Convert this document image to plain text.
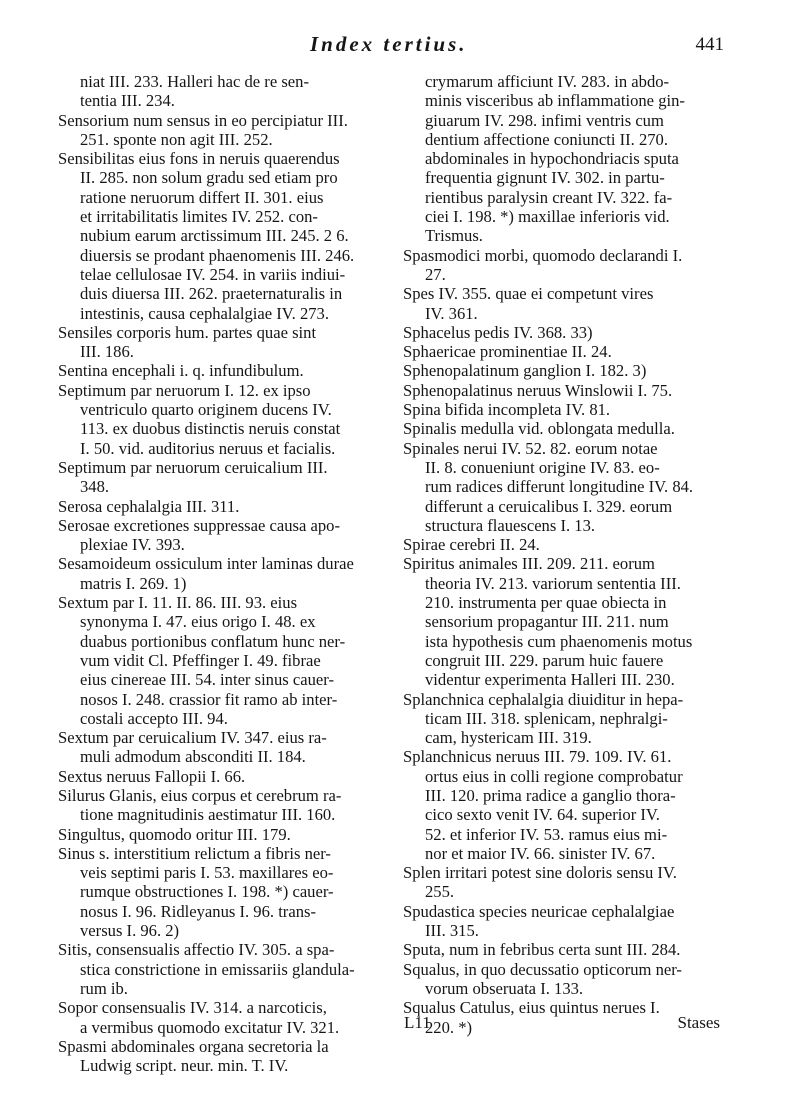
Index tertius.	441
niat III. 233. Halleri hac de re sen-
tentia III. 234.
Sensorium num sensus in eo percipiatur III.
251. sponte non agit III. 252.
Sensibilitas eius fons in neruis quaerendus
II. 285. non solum gradu sed etiam pro
ratione neruorum differt II. 301. eius
et irritabilitatis limites IV. 252. con-
nubium earum arctissimum III. 245. 2 6.
diuersis se prodant phaenomenis III. 246.
telae cellulosae IV. 254. in variis indiui-
duis diuersa III. 262. praeternaturalis in
intestinis, causa cephalalgiae IV. 273.
Sensiles corporis hum. partes quae sint
III. 186.
Sentina encephali i. q. infundibulum.
Septimum par neruorum I. 12. ex ipso
ventriculo quarto originem ducens IV.
113. ex duobus distinctis neruis constat
I. 50. vid. auditorius neruus et facialis.
Septimum par neruorum ceruicalium III.
348.
Serosa cephalalgia III. 311.
Serosae excretiones suppressae causa apo-
plexiae IV. 393.
Sesamoideum ossiculum inter laminas durae
matris I. 269. 1)
Sextum par I. 11. II. 86. III. 93. eius
synonyma I. 47. eius origo I. 48. ex
duabus portionibus conflatum hunc ner-
vum vidit Cl. Pfeffinger I. 49. fibrae
eius cinereae III. 54. inter sinus cauer-
nosos I. 248. crassior fit ramo ab inter-
costali accepto III. 94.
Sextum par ceruicalium IV. 347. eius ra-
muli admodum absconditi II. 184.
Sextus neruus Fallopii I. 66.
Silurus Glanis, eius corpus et cerebrum ra-
tione magnitudinis aestimatur III. 160.
Singultus, quomodo oritur III. 179.
Sinus s. interstitium relictum a fibris ner-
veis septimi paris I. 53. maxillares eo-
rumque obstructiones I. 198. *) cauer-
nosus I. 96. Ridleyanus I. 96. trans-
versus I. 96. 2)
Sitis, consensualis affectio IV. 305. a spa-
stica constrictione in emissariis glandula-
rum ib.
Sopor consensualis IV. 314. a narcoticis,
a vermibus quomodo excitatur IV. 321.
Spasmi abdominales organa secretoria la
Ludwig script. neur. min. T. IV.
crymarum afficiunt IV. 283. in abdo-
minis visceribus ab inflammatione gin-
giuarum IV. 298. infimi ventris cum
dentium affectione coniuncti II. 270.
abdominales in hypochondriacis sputa
frequentia gignunt IV. 302. in partu-
rientibus paralysin creant IV. 322. fa-
ciei I. 198. *) maxillae inferioris vid.
Trismus.
Spasmodici morbi, quomodo declarandi I.
27.
Spes IV. 355. quae ei competunt vires
IV. 361.
Sphacelus pedis IV. 368. 33)
Sphaericae prominentiae II. 24.
Sphenopalatinum ganglion I. 182. 3)
Sphenopalatinus neruus Winslowii I. 75.
Spina bifida incompleta IV. 81.
Spinalis medulla vid. oblongata medulla.
Spinales nerui IV. 52. 82. eorum notae
II. 8. conueniunt origine IV. 83. eo-
rum radices differunt longitudine IV. 84.
differunt a ceruicalibus I. 329. eorum
structura flauescens I. 13.
Spirae cerebri II. 24.
Spiritus animales III. 209. 211. eorum
theoria IV. 213. variorum sententia III.
210. instrumenta per quae obiecta in
sensorium propagantur III. 211. num
ista hypothesis cum phaenomenis motus
congruit III. 229. parum huic fauere
videntur experimenta Halleri III. 230.
Splanchnica cephalalgia diuiditur in hepa-
ticam III. 318. splenicam, nephralgi-
cam, hystericam III. 319.
Splanchnicus neruus III. 79. 109. IV. 61.
ortus eius in colli regione comprobatur
III. 120. prima radice a ganglio thora-
cico sexto venit IV. 64. superior IV.
52. et inferior IV. 53. ramus eius mi-
nor et maior IV. 66. sinister IV. 67.
Splen irritari potest sine doloris sensu IV.
255.
Spudastica species neuricae cephalalgiae
III. 315.
Sputa, num in febribus certa sunt III. 284.
Squalus, in quo decussatio opticorum ner-
vorum obseruata I. 133.
Squalus Catulus, eius quintus nerues I.
220. *)
L11	Stases
